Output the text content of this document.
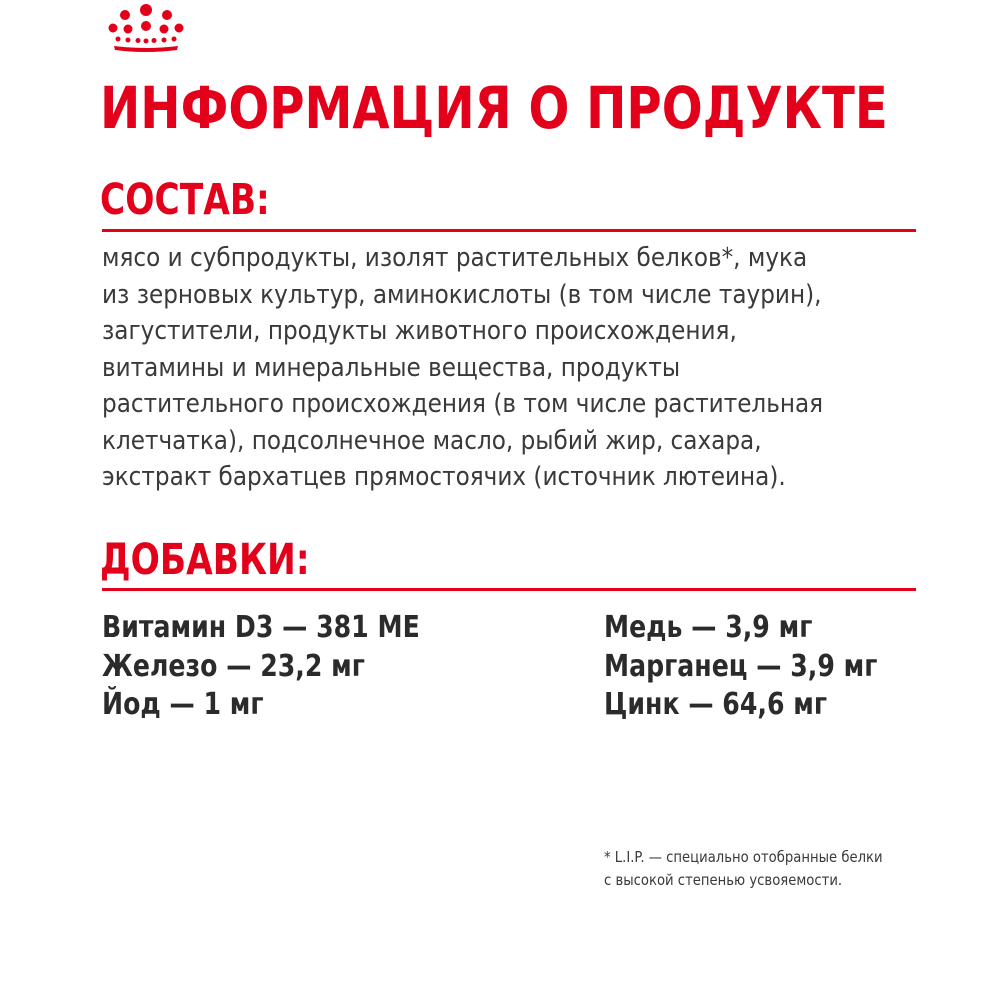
ИНФОРМАЦИЯ О ПРОДУКТЕ
СОСТАВ:
мясо и субпродукты, изолят растительных белков*, мука
из зерновых культур, аминокислоты (в том числе таурин),
загустители, продукты животного происхождения,
витамины и минеральные вещества, продукты
растительного происхождения (в том числе растительная
клетчатка), подсолнечное масло, рыбий жир, сахара,
экстракт бархатцев прямостоячих (источник лютеина).
ДОБАВКИ:
Витамин D3 — 381 МЕ
Железо — 23,2 мг
Йод — 1 мг
Медь — 3,9 мг
Марганец — 3,9 мг
Цинк — 64,6 мг
* L.I.P. — специально отобранные белки
с высокой степенью усвояемости.
